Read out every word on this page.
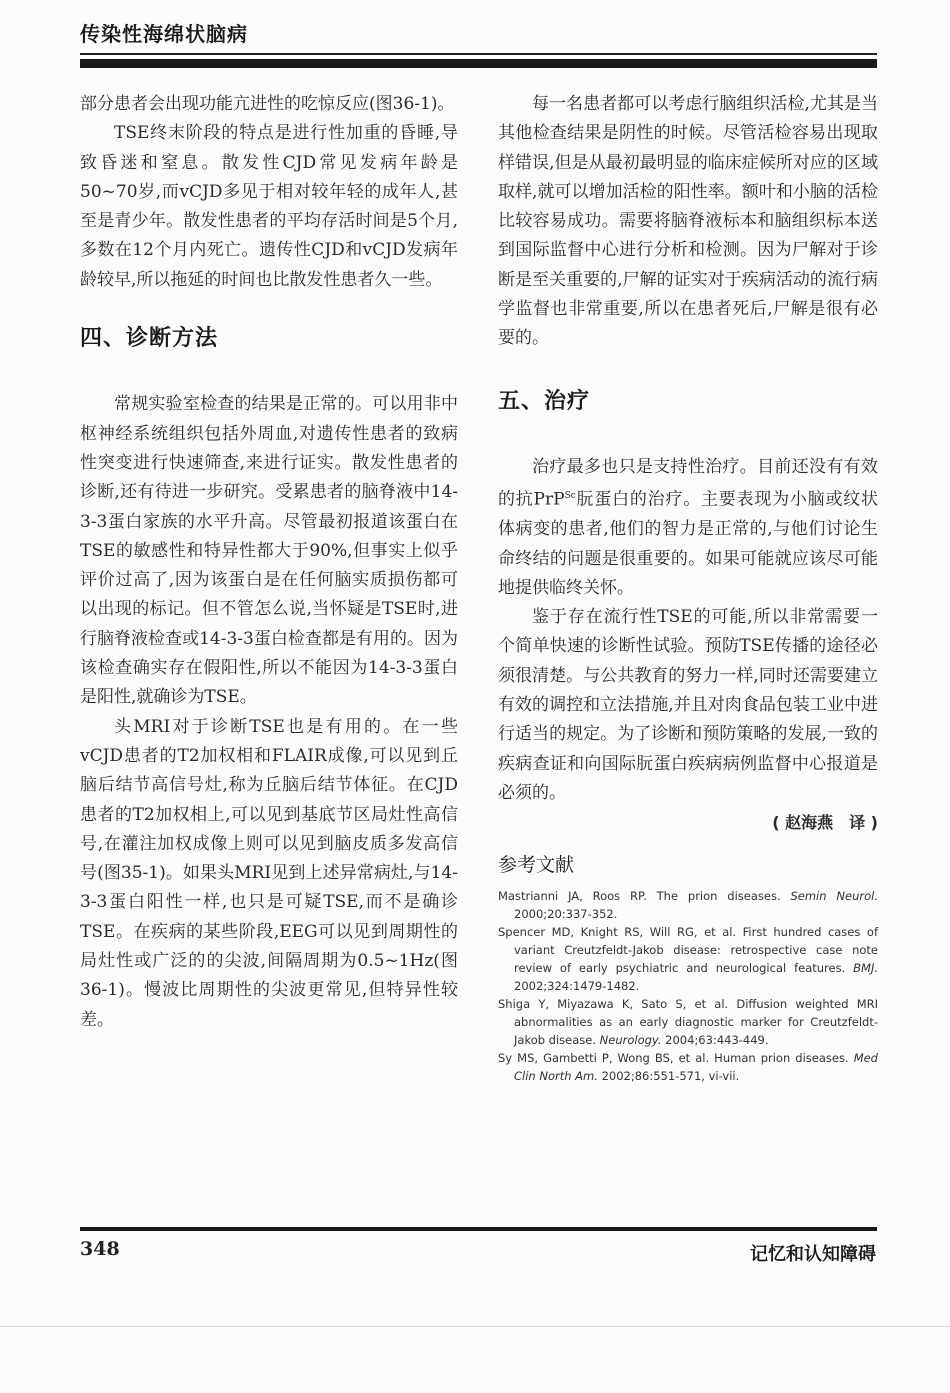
传染性海绵状脑病

部分患者会出现功能亢进性的吃惊反应(图36-1)。

TSE终末阶段的特点是进行性加重的昏睡,导致昏迷和窒息。散发性CJD常见发病年龄是50~70岁,而vCJD多见于相对较年轻的成年人,甚至是青少年。散发性患者的平均存活时间是5个月,多数在12个月内死亡。遗传性CJD和vCJD发病年龄较早,所以拖延的时间也比散发性患者久一些。

四、诊断方法

常规实验室检查的结果是正常的。可以用非中枢神经系统组织包括外周血,对遗传性患者的致病性突变进行快速筛查,来进行证实。散发性患者的诊断,还有待进一步研究。受累患者的脑脊液中14-3-3蛋白家族的水平升高。尽管最初报道该蛋白在TSE的敏感性和特异性都大于90%,但事实上似乎评价过高了,因为该蛋白是在任何脑实质损伤都可以出现的标记。但不管怎么说,当怀疑是TSE时,进行脑脊液检查或14-3-3蛋白检查都是有用的。因为该检查确实存在假阳性,所以不能因为14-3-3蛋白是阳性,就确诊为TSE。

头MRI对于诊断TSE也是有用的。在一些vCJD患者的T2加权相和FLAIR成像,可以见到丘脑后结节高信号灶,称为丘脑后结节体征。在CJD患者的T2加权相上,可以见到基底节区局灶性高信号,在灌注加权成像上则可以见到脑皮质多发高信号(图35-1)。如果头MRI见到上述异常病灶,与14-3-3蛋白阳性一样,也只是可疑TSE,而不是确诊TSE。在疾病的某些阶段,EEG可以见到周期性的局灶性或广泛的的尖波,间隔周期为0.5~1Hz(图36-1)。慢波比周期性的尖波更常见,但特异性较差。

每一名患者都可以考虑行脑组织活检,尤其是当其他检查结果是阴性的时候。尽管活检容易出现取样错误,但是从最初最明显的临床症候所对应的区域取样,就可以增加活检的阳性率。额叶和小脑的活检比较容易成功。需要将脑脊液标本和脑组织标本送到国际监督中心进行分析和检测。因为尸解对于诊断是至关重要的,尸解的证实对于疾病活动的流行病学监督也非常重要,所以在患者死后,尸解是很有必要的。

五、治疗

治疗最多也只是支持性治疗。目前还没有有效的抗PrP$^{Sc}$朊蛋白的治疗。主要表现为小脑或纹状体病变的患者,他们的智力是正常的,与他们讨论生命终结的问题是很重要的。如果可能就应该尽可能地提供临终关怀。

鉴于存在流行性TSE的可能,所以非常需要一个简单快速的诊断性试验。预防TSE传播的途径必须很清楚。与公共教育的努力一样,同时还需要建立有效的调控和立法措施,并且对肉食品包装工业中进行适当的规定。为了诊断和预防策略的发展,一致的疾病查证和向国际朊蛋白疾病病例监督中心报道是必须的。

( 赵海燕　译 )
参考文献

Mastrianni JA, Roos RP. The prion diseases. Semin Neurol. 2000;20:337-352.

Spencer MD, Knight RS, Will RG, et al. First hundred cases of variant Creutzfeldt-Jakob disease: retrospective case note review of early psychiatric and neurological features. BMJ. 2002;324:1479-1482.

Shiga Y, Miyazawa K, Sato S, et al. Diffusion weighted MRI abnormalities as an early diagnostic marker for Creutzfeldt-Jakob disease. Neurology. 2004;63:443-449.

Sy MS, Gambetti P, Wong BS, et al. Human prion diseases. Med Clin North Am. 2002;86:551-571, vi-vii.

348	记忆和认知障碍
